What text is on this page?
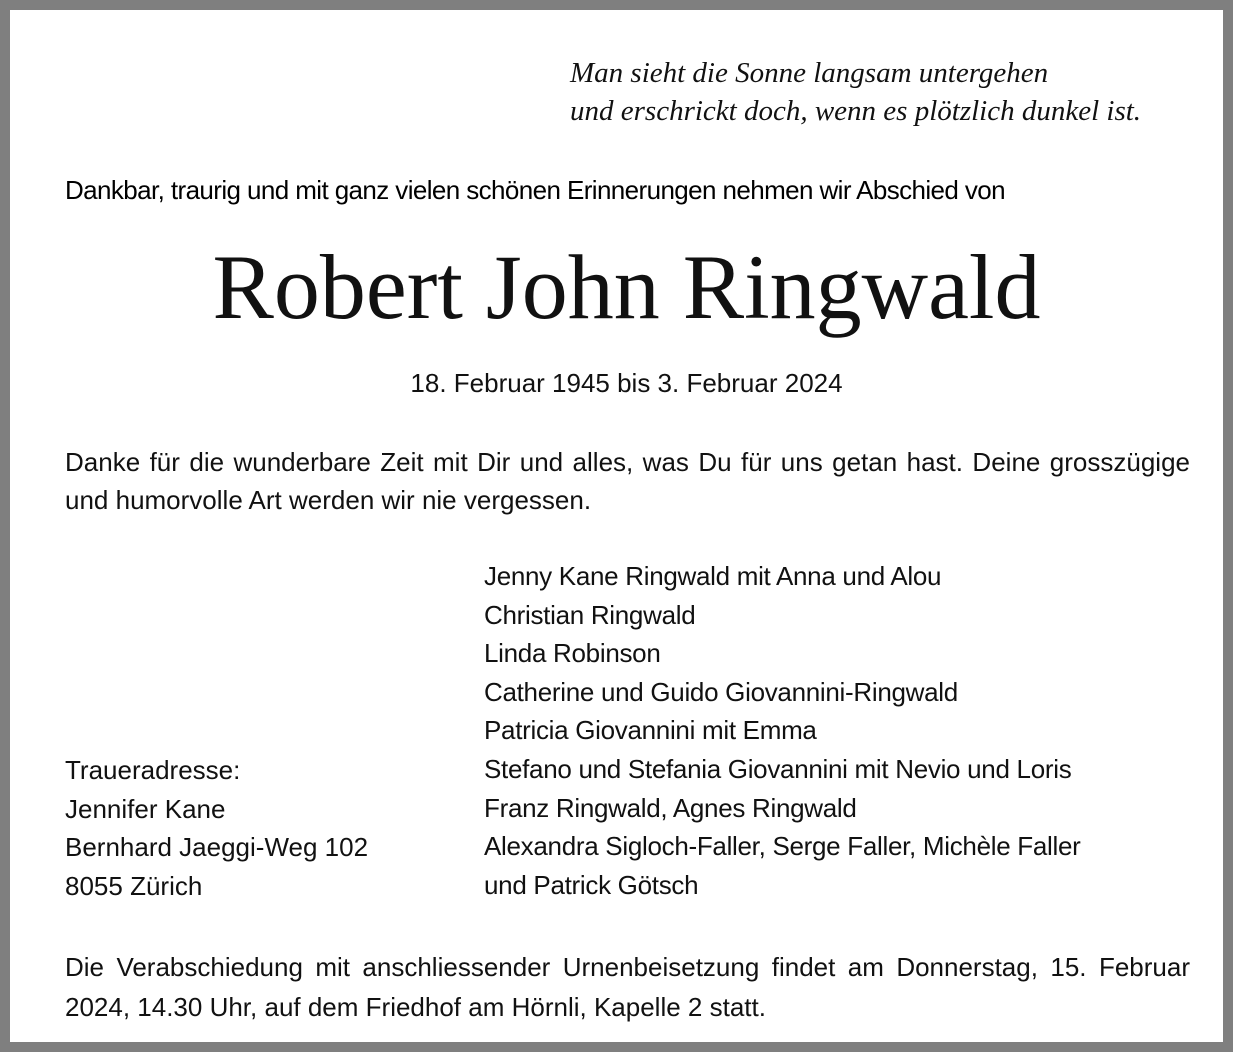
Man sieht die Sonne langsam untergehen
und erschrickt doch, wenn es plötzlich dunkel ist.
Dankbar, traurig und mit ganz vielen schönen Erinnerungen nehmen wir Abschied von
Robert John Ringwald
18. Februar 1945 bis 3. Februar 2024
Danke für die wunderbare Zeit mit Dir und alles, was Du für uns getan hast. Deine grosszügige und humorvolle Art werden wir nie vergessen.
Jenny Kane Ringwald mit Anna und Alou
Christian Ringwald
Linda Robinson
Catherine und Guido Giovannini-Ringwald
Patricia Giovannini mit Emma
Stefano und Stefania Giovannini mit Nevio und Loris
Franz Ringwald, Agnes Ringwald
Alexandra Sigloch-Faller, Serge Faller, Michèle Faller
und Patrick Götsch
Traueradresse:
Jennifer Kane
Bernhard Jaeggi-Weg 102
8055 Zürich
Die Verabschiedung mit anschliessender Urnenbeisetzung findet am Donnerstag, 15. Februar 2024, 14.30 Uhr, auf dem Friedhof am Hörnli, Kapelle 2 statt.
